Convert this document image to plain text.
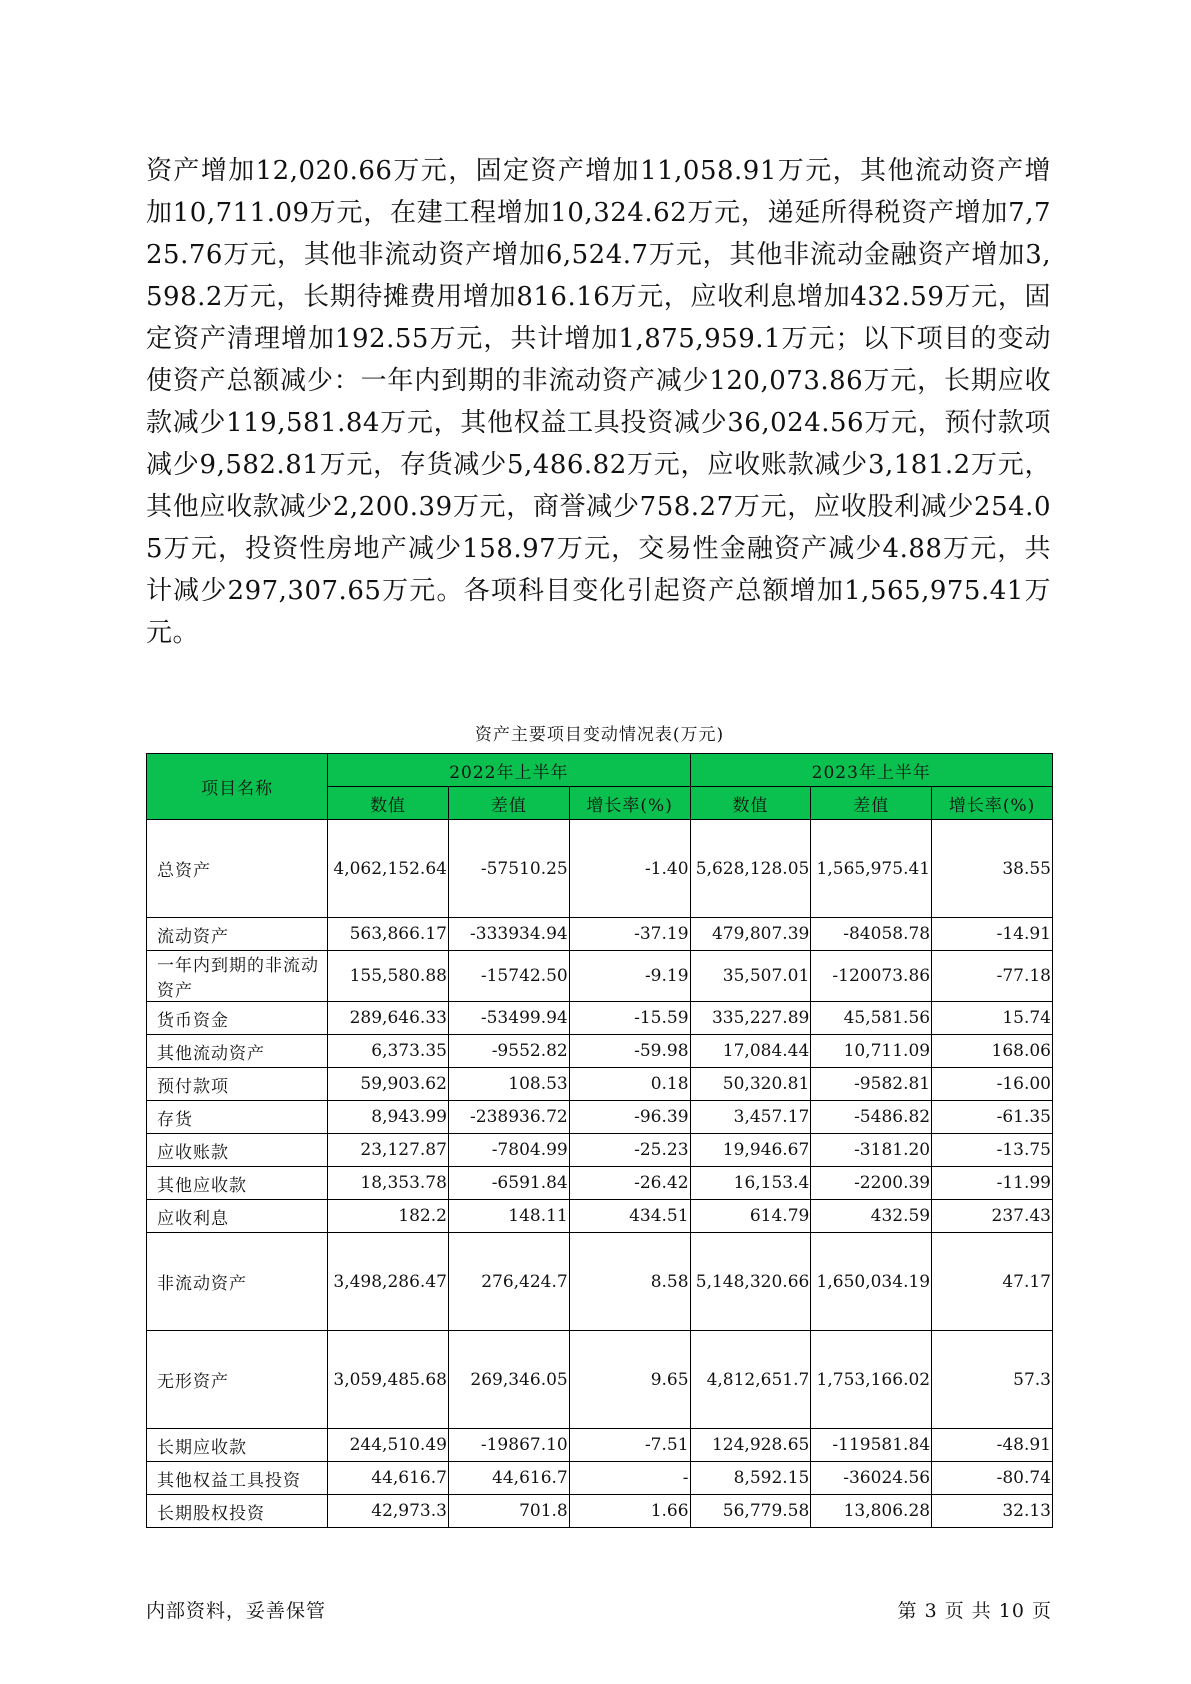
资产增加12,020.66万元，固定资产增加11,058.91万元，其他流动资产增加10,711.09万元，在建工程增加10,324.62万元，递延所得税资产增加7,725.76万元，其他非流动资产增加6,524.7万元，其他非流动金融资产增加3,598.2万元，长期待摊费用增加816.16万元，应收利息增加432.59万元，固定资产清理增加192.55万元，共计增加1,875,959.1万元；以下项目的变动使资产总额减少：一年内到期的非流动资产减少120,073.86万元，长期应收款减少119,581.84万元，其他权益工具投资减少36,024.56万元，预付款项减少9,582.81万元，存货减少5,486.82万元，应收账款减少3,181.2万元，其他应收款减少2,200.39万元，商誉减少758.27万元，应收股利减少254.05万元，投资性房地产减少158.97万元，交易性金融资产减少4.88万元，共计减少297,307.65万元。各项科目变化引起资产总额增加1,565,975.41万元。

资产主要项目变动情况表(万元)
项目名称	2022年上半年			2023年上半年		
	数值	差值	增长率(%)	数值	差值	增长率(%)
总资产	4,062,152.64	-57510.25	-1.40	5,628,128.05	1,565,975.41	38.55
流动资产	563,866.17	-333934.94	-37.19	479,807.39	-84058.78	-14.91
一年内到期的非流动资产	155,580.88	-15742.50	-9.19	35,507.01	-120073.86	-77.18
货币资金	289,646.33	-53499.94	-15.59	335,227.89	45,581.56	15.74
其他流动资产	6,373.35	-9552.82	-59.98	17,084.44	10,711.09	168.06
预付款项	59,903.62	108.53	0.18	50,320.81	-9582.81	-16.00
存货	8,943.99	-238936.72	-96.39	3,457.17	-5486.82	-61.35
应收账款	23,127.87	-7804.99	-25.23	19,946.67	-3181.20	-13.75
其他应收款	18,353.78	-6591.84	-26.42	16,153.4	-2200.39	-11.99
应收利息	182.2	148.11	434.51	614.79	432.59	237.43
非流动资产	3,498,286.47	276,424.7	8.58	5,148,320.66	1,650,034.19	47.17
无形资产	3,059,485.68	269,346.05	9.65	4,812,651.7	1,753,166.02	57.3
长期应收款	244,510.49	-19867.10	-7.51	124,928.65	-119581.84	-48.91
其他权益工具投资	44,616.7	44,616.7	-	8,592.15	-36024.56	-80.74
长期股权投资	42,973.3	701.8	1.66	56,779.58	13,806.28	32.13
内部资料，妥善保管	第 3 页 共 10 页
